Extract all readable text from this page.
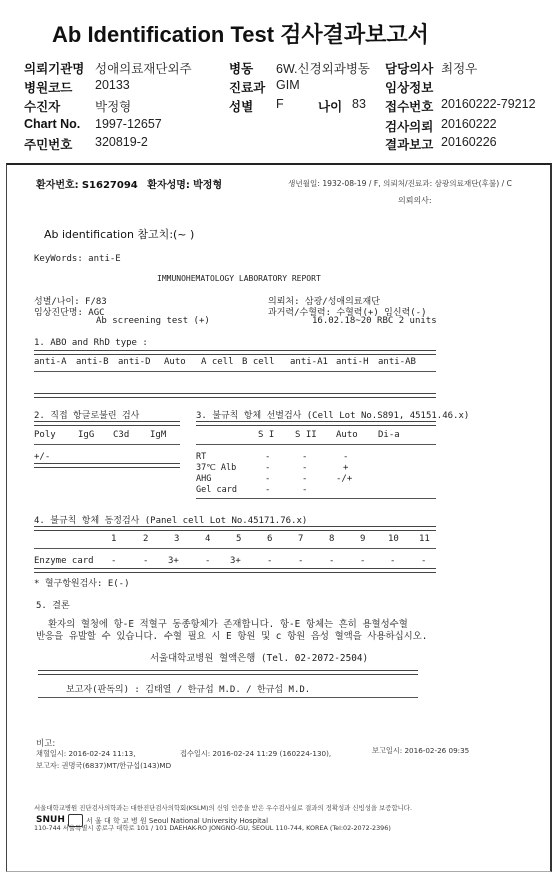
Ab Identification Test 검사결과보고서
의뢰기관명 성애의료재단외주	병동 6W.신경외과병동 담당의사 최정우
병원코드 20133	진료과 GIM	임상정보
수진자	박정형	성별 F	나이 83 접수번호 20160222-79212
Chart No. 1997-12657	검사의뢰 20160222
주민번호 320819-2	결과보고 20160226
환자번호: S1627094 환자성명: 박정형	생년월일: 1932-08-19 / F, 의뢰처/진료과: 삼광의료재단(후불) / C
의뢰의사:
Ab identification 참고치:(~ )
KeyWords: anti-E
IMMUNOHEMATOLOGY LABORATORY REPORT
성별/나이: F/83
임상진단명: AGC
Ab screening test (+)
의뢰처: 삼광/성애의료재단
과거력/수혈력: 수혈력(+) 임신력(-)
16.02.18~20 RBC 2 units
1. ABO and RhD type :
anti-A anti-B anti-D Auto A cell B cell anti-A1 anti-H anti-AB
2. 직접 항글로불린 검사
Poly IgG C3d IgM
+/-
3. 불규칙 항체 선별검사 (Cell Lot No.S891, 45151.46.x)
S I S II Auto Di-a
RT	-	-	-
37℃ Alb	-	-	+
AHG	-	-	-/+
Gel card	-	-
4. 불규칙 항체 동정검사 (Panel cell Lot No.45171.76.x)
1	2	3	4	5	6	7	8	9	10 11
Enzyme card -	- 3+	- 3+	-	-	-	-	-	-
* 혈구항원검사: E(-)
5. 결론
환자의 혈청에 항-E 적혈구 동종항체가 존재합니다. 항-E 항체는 흔히 용혈성수혈
반응을 유발할 수 있습니다. 수혈 필요 시 E 항원 및 c 항원 음성 혈액을 사용하십시오.
서울대학교병원 혈액은행 (Tel. 02-2072-2504)
보고자(판독의) : 김태열 / 한규섭 M.D. / 한규섭 M.D.
비고:
채혈일시: 2016-02-24 11:13,	접수일시: 2016-02-24 11:29 (160224-130),	보고일시: 2016-02-26 09:35
보고자: 권명국(6837)MT/한규섭(143)MD
서울대학교병원 진단검사의학과는 대한진단검사의학회(KSLM)의 신임 인증을 받은 우수검사실로 결과의 정확성과 신빙성을 보증합니다.
SNUH	서 울 대 학 교 병 원 Seoul National University Hospital
110-744 서울특별시 종로구 대학로 101 / 101 DAEHAK-RO JONGNO-GU, SEOUL 110-744, KOREA (Tel:02-2072-2396)
